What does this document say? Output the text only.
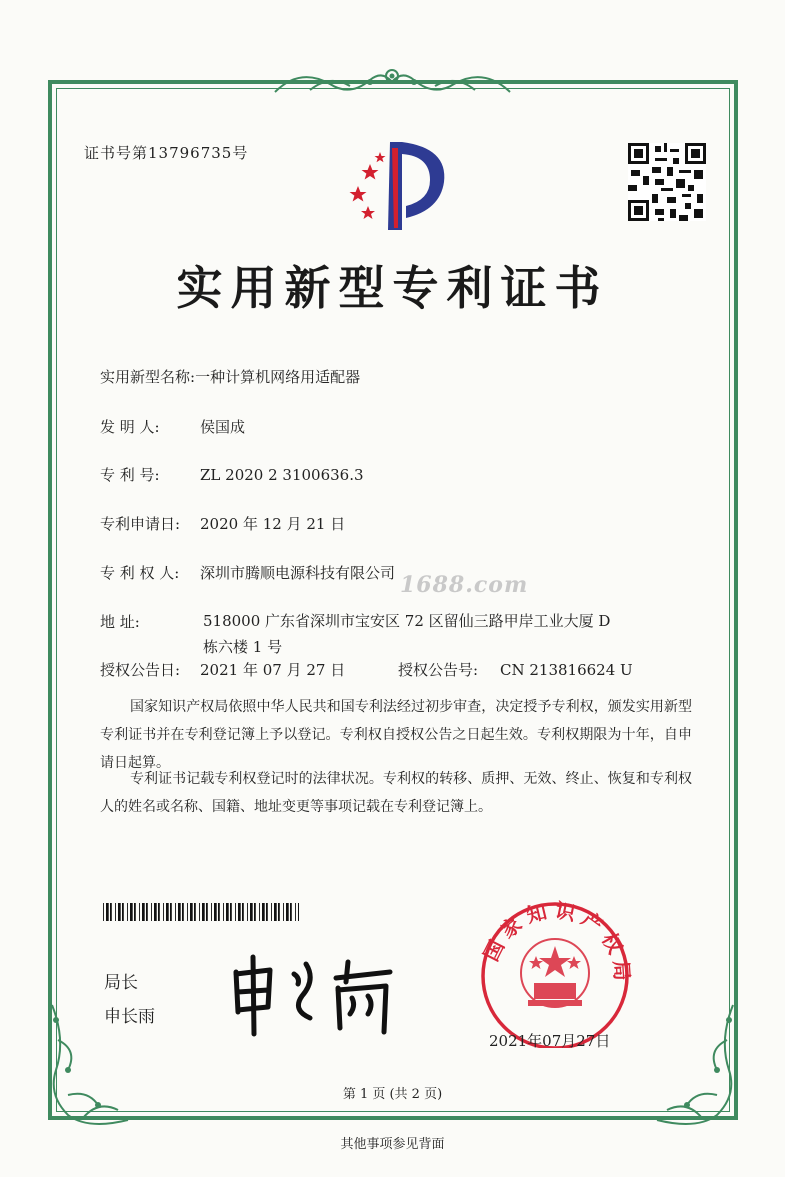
证书号第13796735号
实用新型专利证书
实用新型名称:一种计算机网络用适配器
发 明 人:	侯国成
专 利 号:	ZL 2020 2 3100636.3
专利申请日: 2020 年 12 月 21 日
专 利 权 人: 深圳市腾顺电源科技有限公司
地 址:	518000 广东省深圳市宝安区 72 区留仙三路甲岸工业大厦 D
栋六楼 1 号
授权公告日: 2021 年 07 月 27 日	授权公告号: CN 213816624 U
1688.com
国家知识产权局依照中华人民共和国专利法经过初步审查，决定授予专利权，颁发实用新型专利证书并在专利登记簿上予以登记。专利权自授权公告之日起生效。专利权期限为十年，自申请日起算。
专利证书记载专利权登记时的法律状况。专利权的转移、质押、无效、终止、恢复和专利权人的姓名或名称、国籍、地址变更等事项记载在专利登记簿上。
局长
申长雨
国家知识产权局
2021年07月27日
第 1 页 (共 2 页)
其他事项参见背面
